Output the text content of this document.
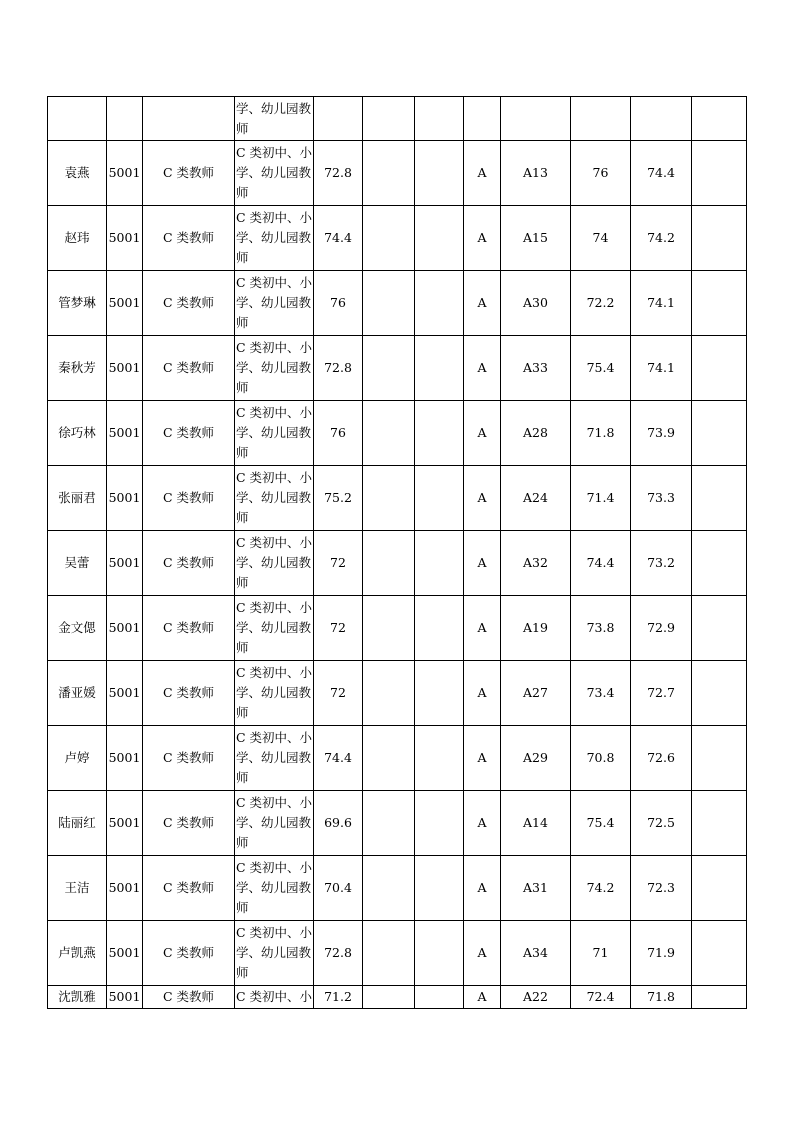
			学、幼儿园教师								
袁燕	5001	C 类教师	C 类初中、小学、幼儿园教师	72.8			A	A13	76	74.4	
赵玮	5001	C 类教师	C 类初中、小学、幼儿园教师	74.4			A	A15	74	74.2	
管梦琳	5001	C 类教师	C 类初中、小学、幼儿园教师	76			A	A30	72.2	74.1	
秦秋芳	5001	C 类教师	C 类初中、小学、幼儿园教师	72.8			A	A33	75.4	74.1	
徐巧林	5001	C 类教师	C 类初中、小学、幼儿园教师	76			A	A28	71.8	73.9	
张丽君	5001	C 类教师	C 类初中、小学、幼儿园教师	75.2			A	A24	71.4	73.3	
吴蕾	5001	C 类教师	C 类初中、小学、幼儿园教师	72			A	A32	74.4	73.2	
金文偲	5001	C 类教师	C 类初中、小学、幼儿园教师	72			A	A19	73.8	72.9	
潘亚媛	5001	C 类教师	C 类初中、小学、幼儿园教师	72			A	A27	73.4	72.7	
卢婷	5001	C 类教师	C 类初中、小学、幼儿园教师	74.4			A	A29	70.8	72.6	
陆丽红	5001	C 类教师	C 类初中、小学、幼儿园教师	69.6			A	A14	75.4	72.5	
王洁	5001	C 类教师	C 类初中、小学、幼儿园教师	70.4			A	A31	74.2	72.3	
卢凯燕	5001	C 类教师	C 类初中、小学、幼儿园教师	72.8			A	A34	71	71.9	
沈凯雅	5001	C 类教师	C 类初中、小	71.2			A	A22	72.4	71.8	
